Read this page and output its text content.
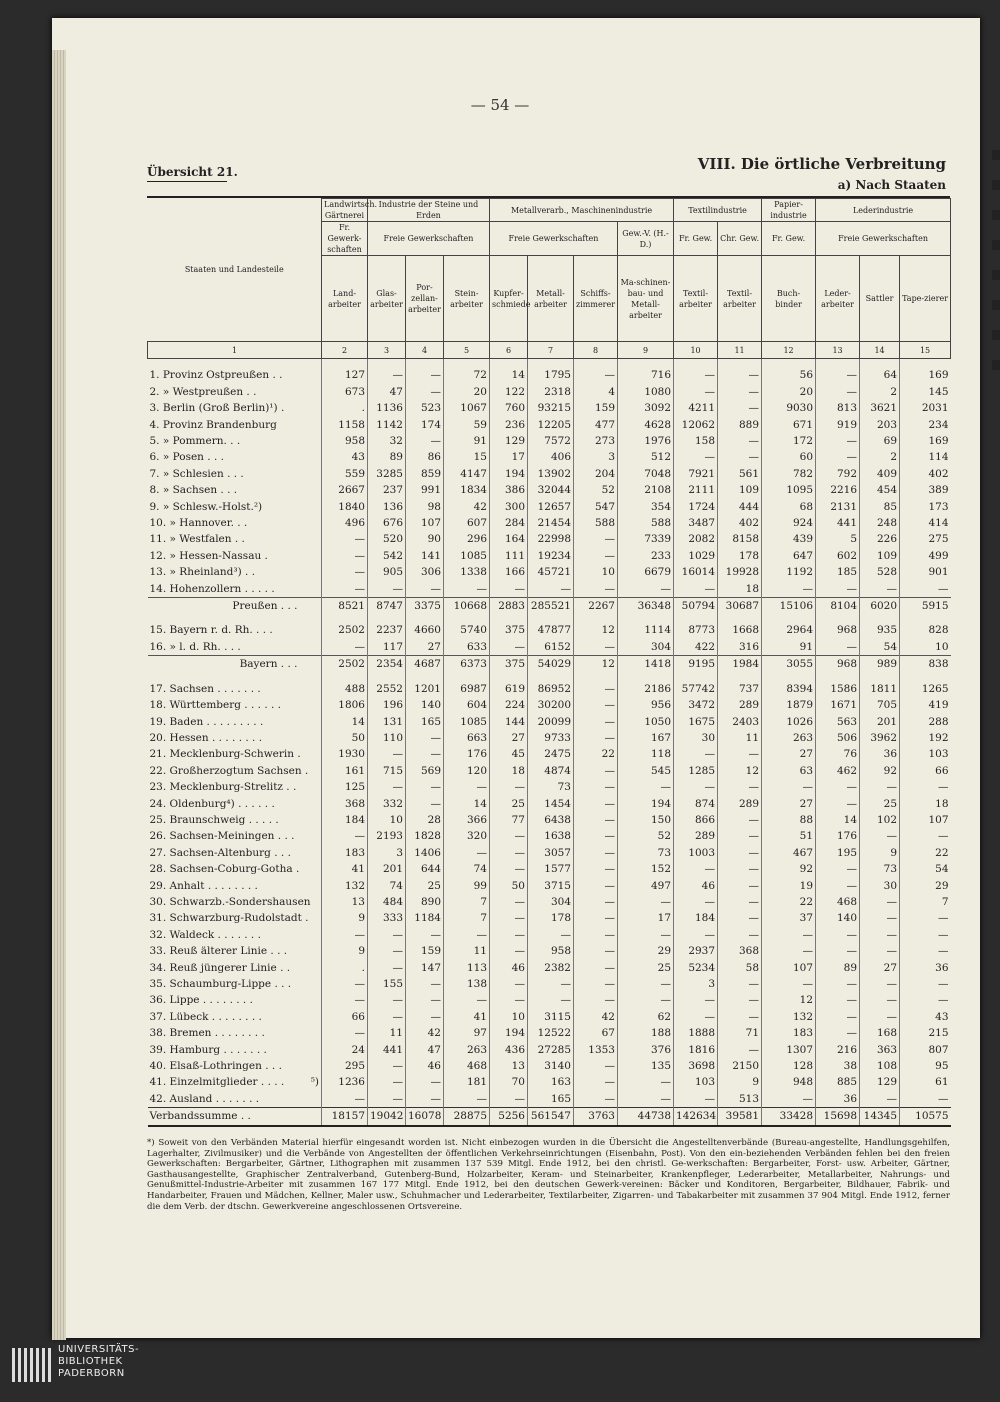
— 54 —
Übersicht 21.	VIII. Die örtliche Verbreitung
a) Nach Staaten
Staaten und Landesteile		Landwirtsch. Gärtnerei	Industrie der Steine und Erden			Metallverarb., Maschinenindustrie				Textilindustrie		Papier-industrie	Lederindustrie		
		Fr. Gewerk-schaften	Freie Gewerkschaften			Freie Gewerkschaften			Gew.-V. (H.-D.)	Fr. Gew.	Chr. Gew.	Fr. Gew.	Freie Gewerkschaften		
		Land-arbeiter	Glas-arbeiter	Por-zellan-arbeiter	Stein-arbeiter	Kupfer-schmiede	Metall-arbeiter	Schiffs-zimmerer	Ma-schinen-bau- und Metall-arbeiter	Textil-arbeiter	Textil-arbeiter	Buch-binder	Leder-arbeiter	Sattler	Tape-zierer
1		2	3	4	5	6	7	8	9	10	11	12	13	14	15

1. Provinz Ostpreußen . .		127	—	—	72	14	1795	—	716	—	—	56	—	64	169
2. » Westpreußen . .		673	47	—	20	122	2318	4	1080	—	—	20	—	2	145
3. Berlin (Groß Berlin)¹) .		.	1136	523	1067	760	93215	159	3092	4211	—	9030	813	3621	2031
4. Provinz Brandenburg		1158	1142	174	59	236	12205	477	4628	12062	889	671	919	203	234
5. » Pommern. . .		958	32	—	91	129	7572	273	1976	158	—	172	—	69	169
6. » Posen . . .		43	89	86	15	17	406	3	512	—	—	60	—	2	114
7. » Schlesien . . .		559	3285	859	4147	194	13902	204	7048	7921	561	782	792	409	402
8. » Sachsen . . .		2667	237	991	1834	386	32044	52	2108	2111	109	1095	2216	454	389
9. » Schlesw.-Holst.²)		1840	136	98	42	300	12657	547	354	1724	444	68	2131	85	173
10. » Hannover. . .		496	676	107	607	284	21454	588	588	3487	402	924	441	248	414
11. » Westfalen . .		—	520	90	296	164	22998	—	7339	2082	8158	439	5	226	275
12. » Hessen-Nassau .		—	542	141	1085	111	19234	—	233	1029	178	647	602	109	499
13. » Rheinland³) . .		—	905	306	1338	166	45721	10	6679	16014	19928	1192	185	528	901
14. Hohenzollern . . . . .		—	—	—	—	—	—	—	—	—	18	—	—	—	—
Preußen . . .		8521	8747	3375	10668	2883	285521	2267	36348	50794	30687	15106	8104	6020	5915

15. Bayern r. d. Rh. . . .		2502	2237	4660	5740	375	47877	12	1114	8773	1668	2964	968	935	828
16. » l. d. Rh. . . .		—	117	27	633	—	6152	—	304	422	316	91	—	54	10
Bayern . . .		2502	2354	4687	6373	375	54029	12	1418	9195	1984	3055	968	989	838

17. Sachsen . . . . . . .		488	2552	1201	6987	619	86952	—	2186	57742	737	8394	1586	1811	1265
18. Württemberg . . . . . .		1806	196	140	604	224	30200	—	956	3472	289	1879	1671	705	419
19. Baden . . . . . . . . .		14	131	165	1085	144	20099	—	1050	1675	2403	1026	563	201	288
20. Hessen . . . . . . . .		50	110	—	663	27	9733	—	167	30	11	263	506	3962	192
21. Mecklenburg-Schwerin .		1930	—	—	176	45	2475	22	118	—	—	27	76	36	103
22. Großherzogtum Sachsen .		161	715	569	120	18	4874	—	545	1285	12	63	462	92	66
23. Mecklenburg-Strelitz . .		125	—	—	—	—	73	—	—	—	—	—	—	—	—
24. Oldenburg⁴) . . . . . .		368	332	—	14	25	1454	—	194	874	289	27	—	25	18
25. Braunschweig . . . . .		184	10	28	366	77	6438	—	150	866	—	88	14	102	107
26. Sachsen-Meiningen . . .		—	2193	1828	320	—	1638	—	52	289	—	51	176	—	—
27. Sachsen-Altenburg . . .		183	3	1406	—	—	3057	—	73	1003	—	467	195	9	22
28. Sachsen-Coburg-Gotha .		41	201	644	74	—	1577	—	152	—	—	92	—	73	54
29. Anhalt . . . . . . . .		132	74	25	99	50	3715	—	497	46	—	19	—	30	29
30. Schwarzb.-Sondershausen		13	484	890	7	—	304	—	—	—	—	22	468	—	7
31. Schwarzburg-Rudolstadt .		9	333	1184	7	—	178	—	17	184	—	37	140	—	—
32. Waldeck . . . . . . .		—	—	—	—	—	—	—	—	—	—	—	—	—	—
33. Reuß älterer Linie . . .		9	—	159	11	—	958	—	29	2937	368	—	—	—	—
34. Reuß jüngerer Linie . .		.	—	147	113	46	2382	—	25	5234	58	107	89	27	36
35. Schaumburg-Lippe . . .		—	155	—	138	—	—	—	—	3	—	—	—	—	—
36. Lippe . . . . . . . .		—	—	—	—	—	—	—	—	—	—	12	—	—	—
37. Lübeck . . . . . . . .		66	—	—	41	10	3115	42	62	—	—	132	—	—	43
38. Bremen . . . . . . . .		—	11	42	97	194	12522	67	188	1888	71	183	—	168	215
39. Hamburg . . . . . . .		24	441	47	263	436	27285	1353	376	1816	—	1307	216	363	807
40. Elsaß-Lothringen . . .		295	—	46	468	13	3140	—	135	3698	2150	128	38	108	95
41. Einzelmitglieder . . . .	⁵)	1236	—	—	181	70	163	—	—	103	9	948	885	129	61
42. Ausland . . . . . . .		—	—	—	—	—	165	—	—	—	513	—	36	—	—
Verbandssumme . .		18157	19042	16078	28875	5256	561547	3763	44738	142634	39581	33428	15698	14345	10575
*) Soweit von den Verbänden Material hierfür eingesandt worden ist. Nicht einbezogen wurden in die Übersicht die Angestelltenverbände (Bureau-angestellte, Handlungsgehilfen, Lagerhalter, Zivilmusiker) und die Verbände von Angestellten der öffentlichen Verkehrseinrichtungen (Eisenbahn, Post). Von den ein-beziehenden Verbänden fehlen bei den freien Gewerkschaften: Bergarbeiter, Gärtner, Lithographen mit zusammen 137 539 Mitgl. Ende 1912, bei den christl. Ge-werkschaften: Bergarbeiter, Forst- usw. Arbeiter, Gärtner, Gasthausangestellte, Graphischer Zentralverband, Gutenberg-Bund, Holzarbeiter, Keram- und Steinarbeiter, Krankenpfleger, Lederarbeiter, Metallarbeiter, Nahrungs- und Genußmittel-Industrie-Arbeiter mit zusammen 167 177 Mitgl. Ende 1912, bei den deutschen Gewerk-vereinen: Bäcker und Konditoren, Bergarbeiter, Bildhauer, Fabrik- und Handarbeiter, Frauen und Mädchen, Kellner, Maler usw., Schuhmacher und Lederarbeiter, Textilarbeiter, Zigarren- und Tabakarbeiter mit zusammen 37 904 Mitgl. Ende 1912, ferner die dem Verb. der dtschn. Gewerkvereine angeschlossenen Ortsvereine.
UNIVERSITÄTS-
BIBLIOTHEK
PADERBORN
